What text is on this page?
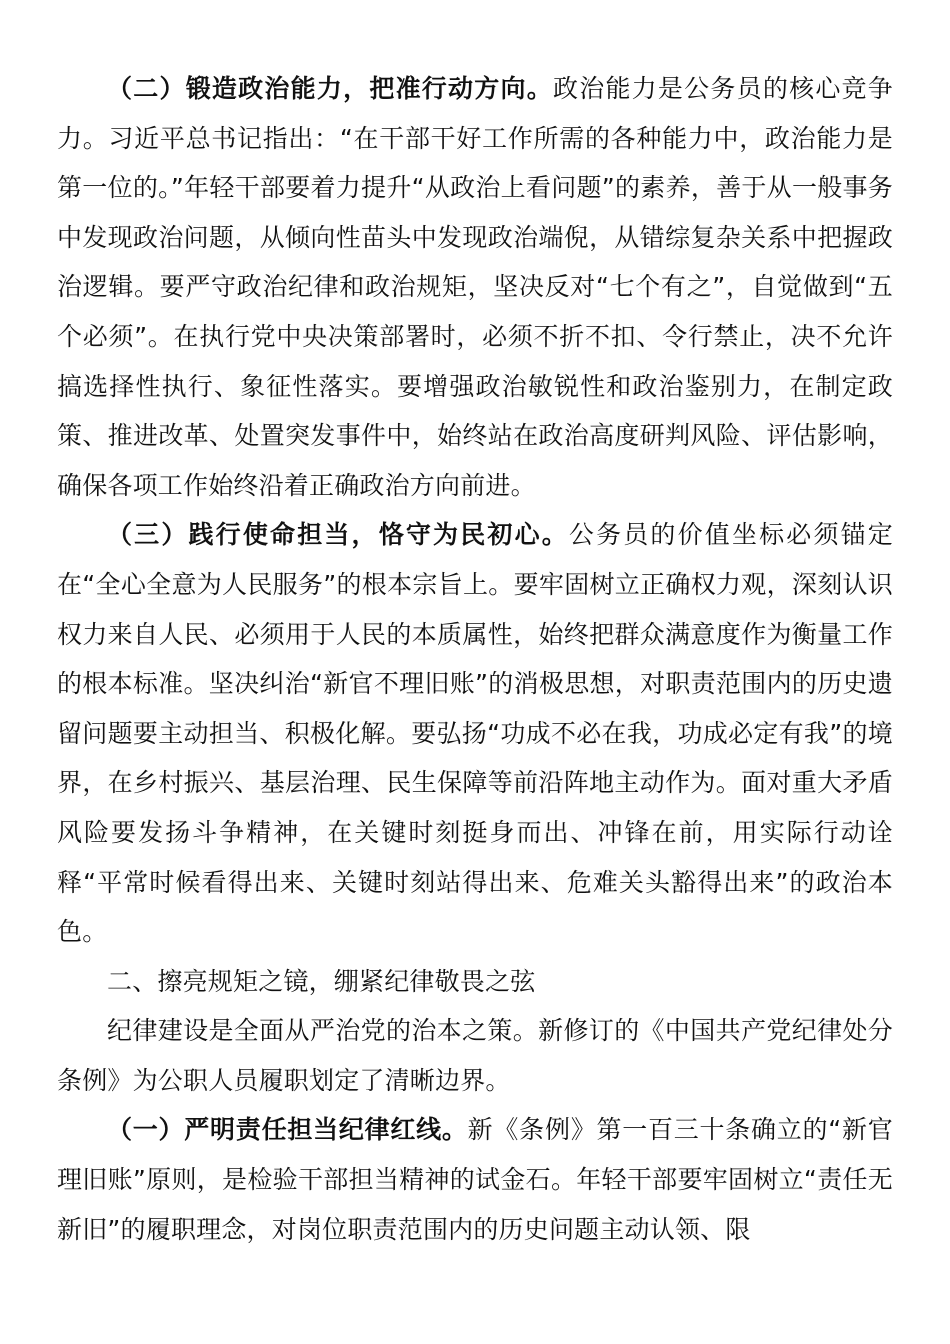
（二）锻造政治能力，把准行动方向。政治能力是公务员的核心竞争力。习近平总书记指出：“在干部干好工作所需的各种能力中，政治能力是第一位的。”年轻干部要着力提升“从政治上看问题”的素养，善于从一般事务中发现政治问题，从倾向性苗头中发现政治端倪，从错综复杂关系中把握政治逻辑。要严守政治纪律和政治规矩，坚决反对“七个有之”，自觉做到“五个必须”。在执行党中央决策部署时，必须不折不扣、令行禁止，决不允许搞选择性执行、象征性落实。要增强政治敏锐性和政治鉴别力，在制定政策、推进改革、处置突发事件中，始终站在政治高度研判风险、评估影响，确保各项工作始终沿着正确政治方向前进。

（三）践行使命担当，恪守为民初心。公务员的价值坐标必须锚定在“全心全意为人民服务”的根本宗旨上。要牢固树立正确权力观，深刻认识权力来自人民、必须用于人民的本质属性，始终把群众满意度作为衡量工作的根本标准。坚决纠治“新官不理旧账”的消极思想，对职责范围内的历史遗留问题要主动担当、积极化解。要弘扬“功成不必在我，功成必定有我”的境界，在乡村振兴、基层治理、民生保障等前沿阵地主动作为。面对重大矛盾风险要发扬斗争精神，在关键时刻挺身而出、冲锋在前，用实际行动诠释“平常时候看得出来、关键时刻站得出来、危难关头豁得出来”的政治本色。

二、擦亮规矩之镜，绷紧纪律敬畏之弦

纪律建设是全面从严治党的治本之策。新修订的《中国共产党纪律处分条例》为公职人员履职划定了清晰边界。

（一）严明责任担当纪律红线。新《条例》第一百三十条确立的“新官理旧账”原则，是检验干部担当精神的试金石。年轻干部要牢固树立“责任无新旧”的履职理念，对岗位职责范围内的历史问题主动认领、限
